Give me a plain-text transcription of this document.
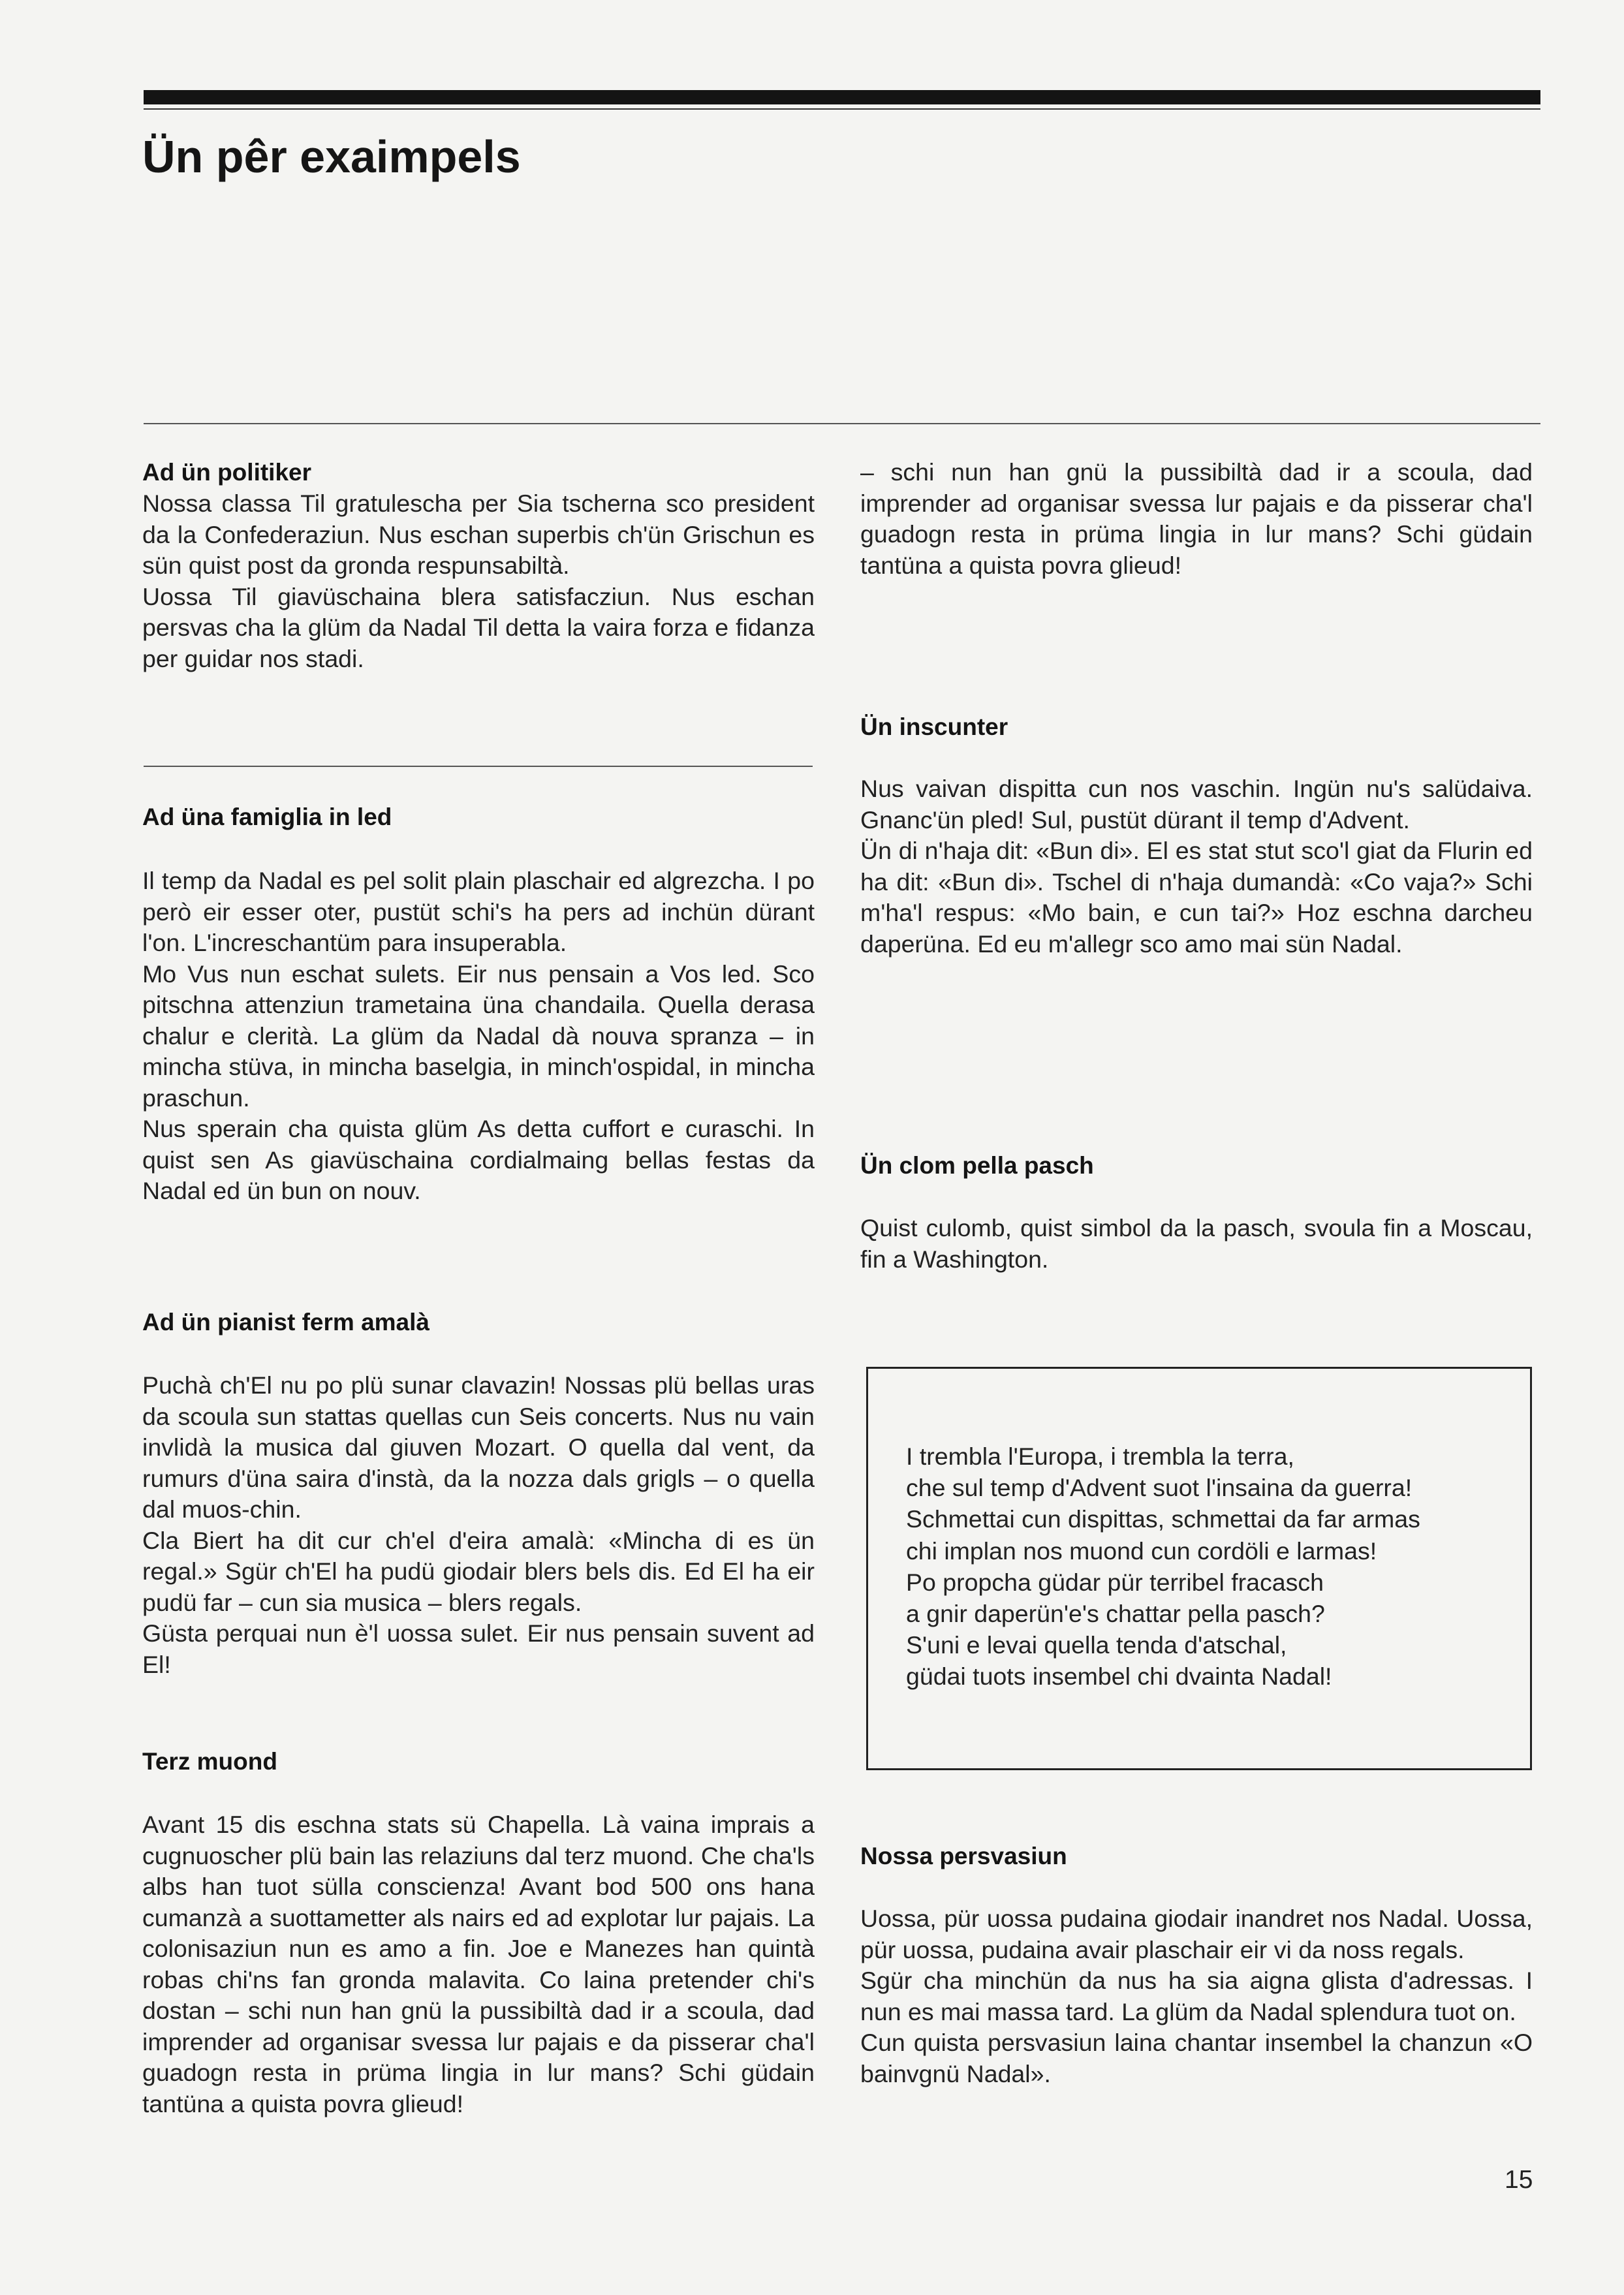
Ün pêr exaimpels
Ad ün politiker

Nossa classa Til gratulescha per Sia tscherna sco president da la Confederaziun. Nus eschan superbis ch'ün Grischun es sün quist post da gronda respunsabiltà.
Uossa Til giavüschaina blera satisfacziun. Nus eschan persvas cha la glüm da Nadal Til detta la vaira forza e fidanza per guidar nos stadi.

Ad üna famiglia in led

Il temp da Nadal es pel solit plain plaschair ed algrezcha. I po però eir esser oter, pustüt schi's ha pers ad inchün dürant l'on. L'increschantüm para insuperabla.
Mo Vus nun eschat sulets. Eir nus pensain a Vos led. Sco pitschna attenziun trametaina üna chandaila. Quella derasa chalur e clerità. La glüm da Nadal dà nouva spranza – in mincha stüva, in mincha baselgia, in minch'ospidal, in mincha praschun.
Nus sperain cha quista glüm As detta cuffort e curaschi. In quist sen As giavüschaina cordialmaing bellas festas da Nadal ed ün bun on nouv.

Ad ün pianist ferm amalà

Puchà ch'El nu po plü sunar clavazin! Nossas plü bellas uras da scoula sun stattas quellas cun Seis concerts. Nus nu vain invlidà la musica dal giuven Mozart. O quella dal vent, da rumurs d'üna saira d'instà, da la nozza dals grigls – o quella dal muos-chin.
Cla Biert ha dit cur ch'el d'eira amalà: «Mincha di es ün regal.» Sgür ch'El ha pudü giodair blers bels dis. Ed El ha eir pudü far – cun sia musica – blers regals.
Güsta perquai nun è'l uossa sulet. Eir nus pensain suvent ad El!

Terz muond

Avant 15 dis eschna stats sü Chapella. Là vaina imprais a cugnuoscher plü bain las relaziuns dal terz muond. Che cha'ls albs han tuot sülla conscienza! Avant bod 500 ons hana cumanzà a suottametter als nairs ed ad explotar lur pajais. La colonisaziun nun es amo a fin. Joe e Manezes han quintà robas chi'ns fan gronda malavita. Co laina pretender chi's dostan – schi nun han gnü la pussibiltà dad ir a scoula, dad imprender ad organisar svessa lur pajais e da pisserar cha'l guadogn resta in prüma lingia in lur mans? Schi güdain tantüna a quista povra glieud!

– schi nun han gnü la pussibiltà dad ir a scoula, dad imprender ad organisar svessa lur pajais e da pisserar cha'l guadogn resta in prüma lingia in lur mans? Schi güdain tantüna a quista povra glieud!

Ün inscunter

Nus vaivan dispitta cun nos vaschin. Ingün nu's salüdaiva. Gnanc'ün pled! Sul, pustüt dürant il temp d'Advent.
Ün di n'haja dit: «Bun di». El es stat stut sco'l giat da Flurin ed ha dit: «Bun di». Tschel di n'haja dumandà: «Co vaja?» Schi m'ha'l respus: «Mo bain, e cun tai?» Hoz eschna darcheu daperüna. Ed eu m'allegr sco amo mai sün Nadal.

Ün clom pella pasch

Quist culomb, quist simbol da la pasch, svoula fin a Moscau, fin a Washington.

I trembla l'Europa, i trembla la terra,
che sul temp d'Advent suot l'insaina da guerra!
Schmettai cun dispittas, schmettai da far armas
chi implan nos muond cun cordöli e larmas!
Po propcha güdar pür terribel fracasch
a gnir daperün'e's chattar pella pasch?
S'uni e levai quella tenda d'atschal,
güdai tuots insembel chi dvainta Nadal!
Nossa persvasiun

Uossa, pür uossa pudaina giodair inandret nos Nadal. Uossa, pür uossa, pudaina avair plaschair eir vi da noss regals.
Sgür cha minchün da nus ha sia aigna glista d'adressas. I nun es mai massa tard. La glüm da Nadal splendura tuot on.
Cun quista persvasiun laina chantar insembel la chanzun «O bainvgnü Nadal».

15
